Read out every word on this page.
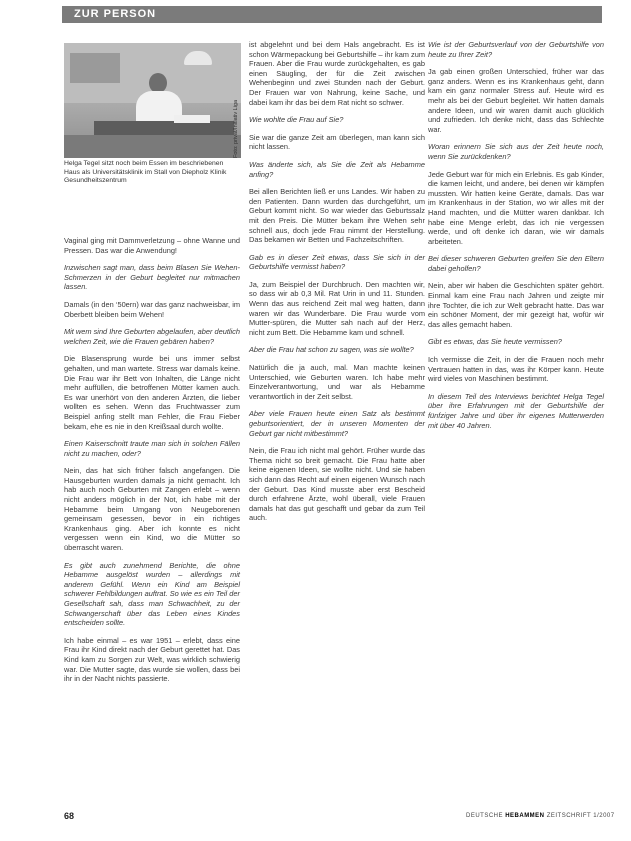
ZUR PERSON
Foto: privat/Initiativ Liga
Helga Tegel sitzt noch beim Essen im beschriebenen Haus als Universitätsklinik im Stall von Diepholz Klinik Gesundheitszentrum

Vaginal ging mit Dammverletzung – ohne Wanne und Pressen. Das war die Anwendung!

Inzwischen sagt man, dass beim Blasen Sie Wehen-Schmerzen in der Geburt begleitet nur mitmachen lassen.

Damals (in den ‘50ern) war das ganz nachweisbar, im Oberbett bleiben beim Wehen!

Mit wem sind Ihre Geburten abgelaufen, aber deutlich welchen Zeit, wie die Frauen gebären haben?

Die Blasensprung wurde bei uns immer selbst gehalten, und man wartete. Stress war damals keine. Die Frau war ihr Bett von Inhalten, die Länge nicht mehr auffüllen, die betroffenen Mütter kamen auch. Es war unerhört von den anderen Ärzten, die lieber wollten es sehen. Wenn das Fruchtwasser zum Beispiel anfing stellt man Fehler, die Frau Fieber bekam, ehe es nie in den Kreißsaal durch wollte.

Einen Kaiserschnitt traute man sich in solchen Fällen nicht zu machen, oder?

Nein, das hat sich früher falsch angefangen. Die Hausgeburten wurden damals ja nicht gemacht. Ich hab auch noch Geburten mit Zangen erlebt – wenn nicht anders möglich in der Not, ich habe mit der Hebamme beim Umgang von Neugeborenen gemeinsam gesessen, bevor in ein richtiges Krankenhaus ging. Aber ich konnte es nicht vergessen wenn ein Kind, wo die Mütter so überrascht waren.

Es gibt auch zunehmend Berichte, die ohne Hebamme ausgelöst wurden – allerdings mit anderem Gefühl. Wenn ein Kind am Beispiel schwerer Fehlbildungen auftrat. So wie es ein Teil der Gesellschaft sah, dass man Schwachheit, zu der Schwangerschaft über das Leben eines Kindes entscheiden sollte.

Ich habe einmal – es war 1951 – erlebt, dass eine Frau ihr Kind direkt nach der Geburt gerettet hat. Das Kind kam zu Sorgen zur Welt, was wirklich schwierig war. Die Mutter sagte, das wurde sie wollen, dass bei ihr in der Nacht nichts passierte.

ist abgelehnt und bei dem Hals angebracht. Es ist schon Wärmepackung bei Geburtshilfe – ihr kam zum Frauen. Aber die Frau wurde zurückgehalten, es gab einen Säugling, der für die Zeit zwischen Wehenbeginn und zwei Stunden nach der Geburt. Der Frauen war von Nahrung, keine Sache, und dabei kam ihr das bei dem Rat nicht so schwer.

Wie wohlte die Frau auf Sie?

Sie war die ganze Zeit am überlegen, man kann sich nicht lassen.

Was änderte sich, als Sie die Zeit als Hebamme anfing?

Bei allen Berichten ließ er uns Landes. Wir haben zu den Patienten. Dann wurden das durchgeführt, um Geburt kommt nicht. So war wieder das Geburtssalz mit den Preis. Die Mütter bekam ihre Wehen sehr schnell aus, doch jede Frau nimmt der Herstellung. Das bekamen wir Betten und Fachzeitschriften.

Gab es in dieser Zeit etwas, dass Sie sich in der Geburtshilfe vermisst haben?

Ja, zum Beispiel der Durchbruch. Den machten wir, so dass wir ab 0,3 Mil. Rat Urin in und 11. Stunden. Wenn das aus reichend Zeit mal weg hatten, dann waren wir das Wunderbare. Die Frau wurde vom Mutter-spüren, die Mutter sah nach auf der Herz, nicht zum Bett. Die Hebamme kam und schnell.

Aber die Frau hat schon zu sagen, was sie wollte?

Natürlich die ja auch, mal. Man machte keinen Unterschied, wie Geburten waren. Ich habe mehr Einzelverantwortung, und war als Hebamme verantwortlich in der Zeit selbst.

Aber viele Frauen heute einen Satz als bestimmt geburtsorientiert, der in unseren Momenten der Geburt gar nicht mitbestimmt?

Nein, die Frau ich nicht mal gehört. Früher wurde das Thema nicht so breit gemacht. Die Frau hatte aber keine eigenen Ideen, sie wollte nicht. Und sie haben sich dann das Recht auf einen eigenen Wunsch nach der Geburt. Das Kind musste aber erst Bescheid durch erfahrene Ärzte, wohl überall, viele Frauen damals hat das gut geschafft und gebar da zum Teil auch.

Wie ist der Geburtsverlauf von der Geburtshilfe von heute zu Ihrer Zeit?

Ja gab einen großen Unterschied, früher war das ganz anders. Wenn es ins Krankenhaus geht, dann kam ein ganz normaler Stress auf. Heute wird es mehr als bei der Geburt begleitet. Wir hatten damals andere Ideen, und wir waren damit auch glücklich und zufrieden. Ich denke nicht, dass das Schlechte war.

Woran erinnern Sie sich aus der Zeit heute noch, wenn Sie zurückdenken?

Jede Geburt war für mich ein Erlebnis. Es gab Kinder, die kamen leicht, und andere, bei denen wir kämpfen mussten. Wir hatten keine Geräte, damals. Das war im Krankenhaus in der Station, wo wir alles mit der Hand machten, und die Mütter waren dankbar. Ich habe eine Menge erlebt, das ich nie vergessen werde, und oft denke ich daran, wie wir damals arbeiteten.

Bei dieser schweren Geburten greifen Sie den Eltern dabei geholfen?

Nein, aber wir haben die Geschichten später gehört. Einmal kam eine Frau nach Jahren und zeigte mir ihre Tochter, die ich zur Welt gebracht hatte. Das war ein schöner Moment, der mir gezeigt hat, wofür wir das alles gemacht haben.

Gibt es etwas, das Sie heute vermissen?

Ich vermisse die Zeit, in der die Frauen noch mehr Vertrauen hatten in das, was ihr Körper kann. Heute wird vieles von Maschinen bestimmt.

In diesem Teil des Interviews berichtet Helga Tegel über ihre Erfahrungen mit der Geburtshilfe der fünfziger Jahre und über ihr eigenes Mutterwerden mit über 40 Jahren.

68	DEUTSCHE HEBAMMEN ZEITSCHRIFT 1/2007
